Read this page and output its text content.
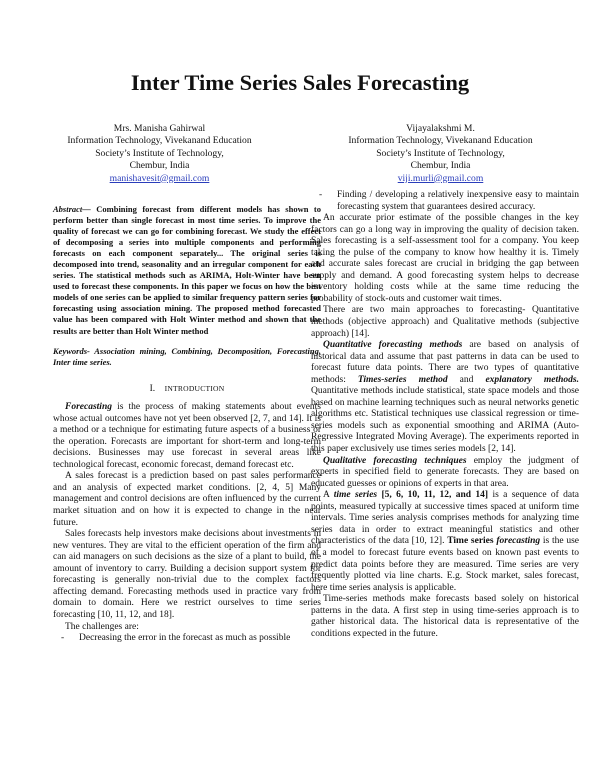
Inter Time Series Sales Forecasting
Mrs. Manisha Gahirwal
Information Technology, Vivekanand Education
Society’s Institute of Technology,
Chembur, India
manishavesit@gmail.com
Vijayalakshmi M.
Information Technology, Vivekanand Education
Society’s Institute of Technology,
Chembur, India
viji.murli@gmail.com

Abstract— Combining forecast from different models has shown to perform better than single forecast in most time series. To improve the quality of forecast we can go for combining forecast. We study the effect of decomposing a series into multiple components and performing forecasts on each component separately... The original series is decomposed into trend, seasonality and an irregular component for each series. The statistical methods such as ARIMA, Holt-Winter have been used to forecast these components. In this paper we focus on how the best models of one series can be applied to similar frequency pattern series for forecasting using association mining. The proposed method forecasted value has been compared with Holt Winter method and shown that the results are better than Holt Winter method

Keywords- Association mining, Combining, Decomposition, Forecasting, Inter time series.

I. INTRODUCTION

Forecasting is the process of making statements about events whose actual outcomes have not yet been observed [2, 7, and 14]. It is a method or a technique for estimating future aspects of a business or the operation. Forecasts are important for short-term and long-term decisions. Businesses may use forecast in several areas like technological forecast, economic forecast, demand forecast etc.

A sales forecast is a prediction based on past sales performance and an analysis of expected market conditions. [2, 4, 5] Many management and control decisions are often influenced by the current market situation and on how it is expected to change in the near future.

Sales forecasts help investors make decisions about investments in new ventures. They are vital to the efficient operation of the firm and can aid managers on such decisions as the size of a plant to build, the amount of inventory to carry. Building a decision support system for forecasting is generally non-trivial due to the complex factors affecting demand. Forecasting methods used in practice vary from domain to domain. Here we restrict ourselves to time series forecasting [10, 11, 12, and 18].

The challenges are:

-	Decreasing the error in the forecast as much as possible
-	Finding / developing a relatively inexpensive easy to maintain forecasting system that guarantees desired accuracy.

An accurate prior estimate of the possible changes in the key factors can go a long way in improving the quality of decision taken. Sales forecasting is a self-assessment tool for a company. You keep taking the pulse of the company to know how healthy it is. Timely and accurate sales forecast are crucial in bridging the gap between supply and demand. A good forecasting system helps to decrease inventory holding costs while at the same time reducing the probability of stock-outs and customer wait times.

There are two main approaches to forecasting- Quantitative methods (objective approach) and Qualitative methods (subjective approach) [14].

Quantitative forecasting methods are based on analysis of historical data and assume that past patterns in data can be used to forecast future data points. There are two types of quantitative methods: Times-series method and explanatory methods. Quantitative methods include statistical, state space models and those based on machine learning techniques such as neural networks genetic algorithms etc. Statistical techniques use classical regression or time-series models such as exponential smoothing and ARIMA (Auto-Regressive Integrated Moving Average). The experiments reported in this paper exclusively use times series models [2, 14].

Qualitative forecasting techniques employ the judgment of experts in specified field to generate forecasts. They are based on educated guesses or opinions of experts in that area.

A time series [5, 6, 10, 11, 12, and 14] is a sequence of data points, measured typically at successive times spaced at uniform time intervals. Time series analysis comprises methods for analyzing time series data in order to extract meaningful statistics and other characteristics of the data [10, 12]. Time series forecasting is the use of a model to forecast future events based on known past events to predict data points before they are measured. Time series are very frequently plotted via line charts. E.g. Stock market, sales forecast, here time series analysis is applicable.

Time-series methods make forecasts based solely on historical patterns in the data. A first step in using time-series approach is to gather historical data. The historical data is representative of the conditions expected in the future.
